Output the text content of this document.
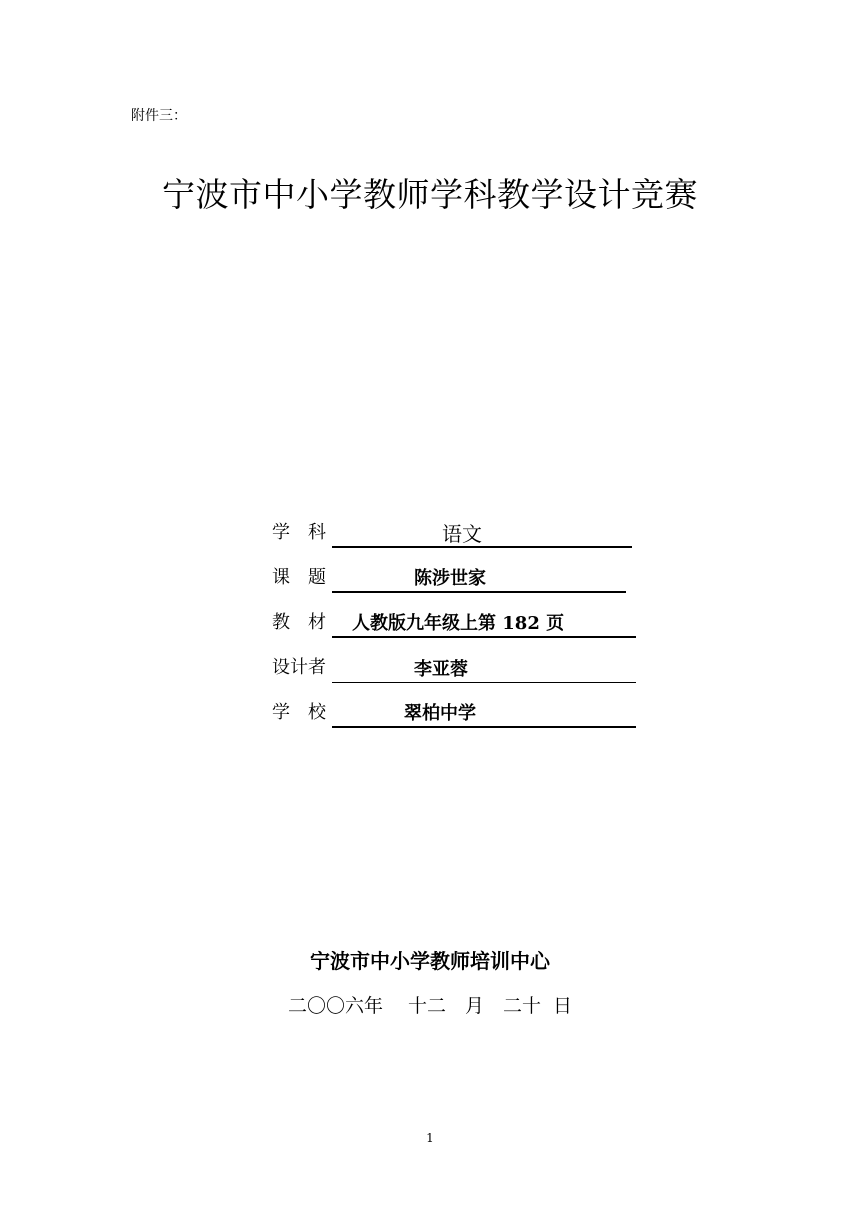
附件三：
宁波市中小学教师学科教学设计竞赛
学　科	语文
课　题	陈涉世家
教　材 人教版九年级上第 182 页
设计者	李亚蓉
学　校	翠柏中学
宁波市中小学教师培训中心
二〇〇六年　 十二　月　二十  日
1
